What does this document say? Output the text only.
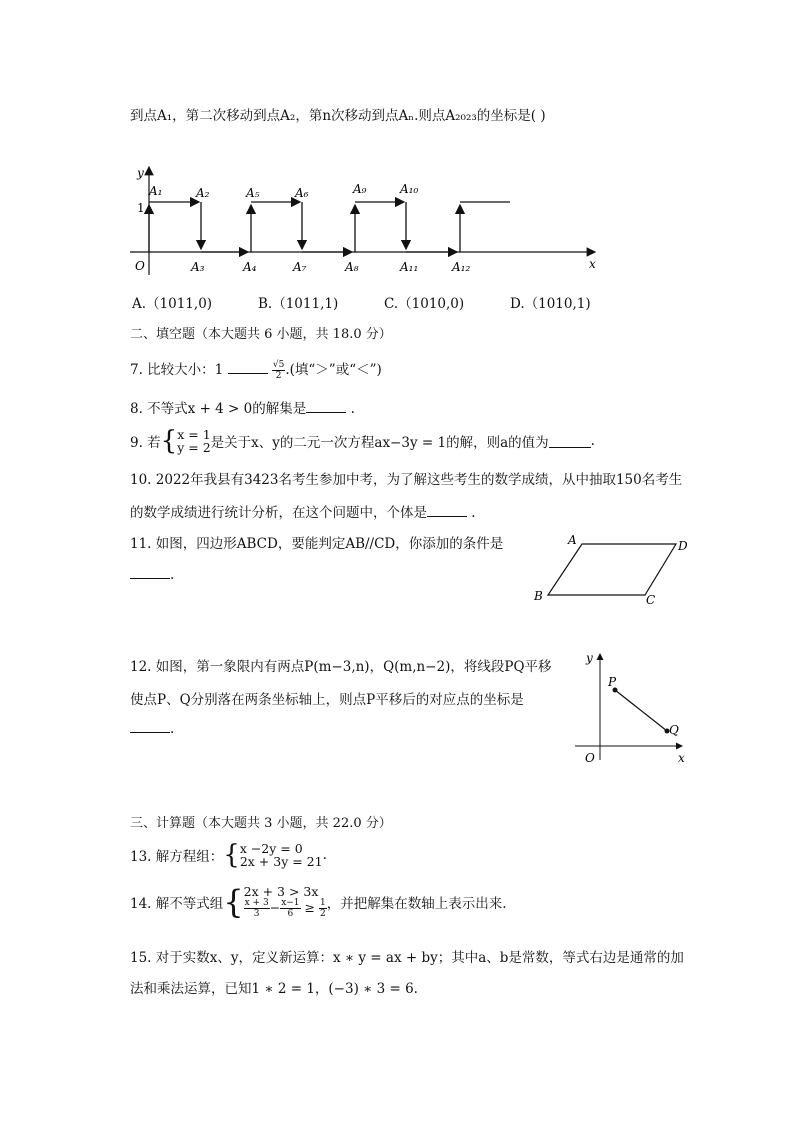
到点A₁，第二次移动到点A₂，第n次移动到点Aₙ.则点A₂₀₂₃的坐标是( )
y
x
O
1
A₁	A₂
A₃	A₄
A₅	A₆
A₇	A₈
A₉	A₁₀
A₁₁	A₁₂
A.（1011,0)	B.（1011,1)	C.（1010,0)	D.（1010,1)
二、填空题（本大题共 6 小题，共 18.0 分）
7. 比较大小：1	$\frac{√5}{2}$ .(填“＞”或“＜”)
8. 不等式x + 4 > 0的解集是	.
9. 若{ x = 1
y = 2 是关于x、y的二元一次方程ax−3y = 1的解，则a的值为	.
10. 2022年我县有3423名考生参加中考，为了解这些考生的数学成绩，从中抽取150名考生
的数学成绩进行统计分析，在这个问题中，个体是	.
11. 如图，四边形ABCD，要能判定AB//CD，你添加的条件是
.
A	D
B	C
12. 如图，第一象限内有两点P(m−3,n)，Q(m,n−2)，将线段PQ平移
使点P、Q分别落在两条坐标轴上，则点P平移后的对应点的坐标是
.
y
x
O
P
Q
三、计算题（本大题共 3 小题，共 22.0 分）
13. 解方程组：{ x −2y = 0
2x + 3y = 21 .
14. 解不等式组{ 2x + 3 > 3x
$\frac{x + 3}{3} - \frac{x-1}{6} \ge \frac{1}{2}$ ，并把解集在数轴上表示出来.
15. 对于实数x、y，定义新运算：x ∗ y = ax + by；其中a、b是常数，等式右边是通常的加
法和乘法运算，已知1 ∗ 2 = 1，(−3) ∗ 3 = 6.
